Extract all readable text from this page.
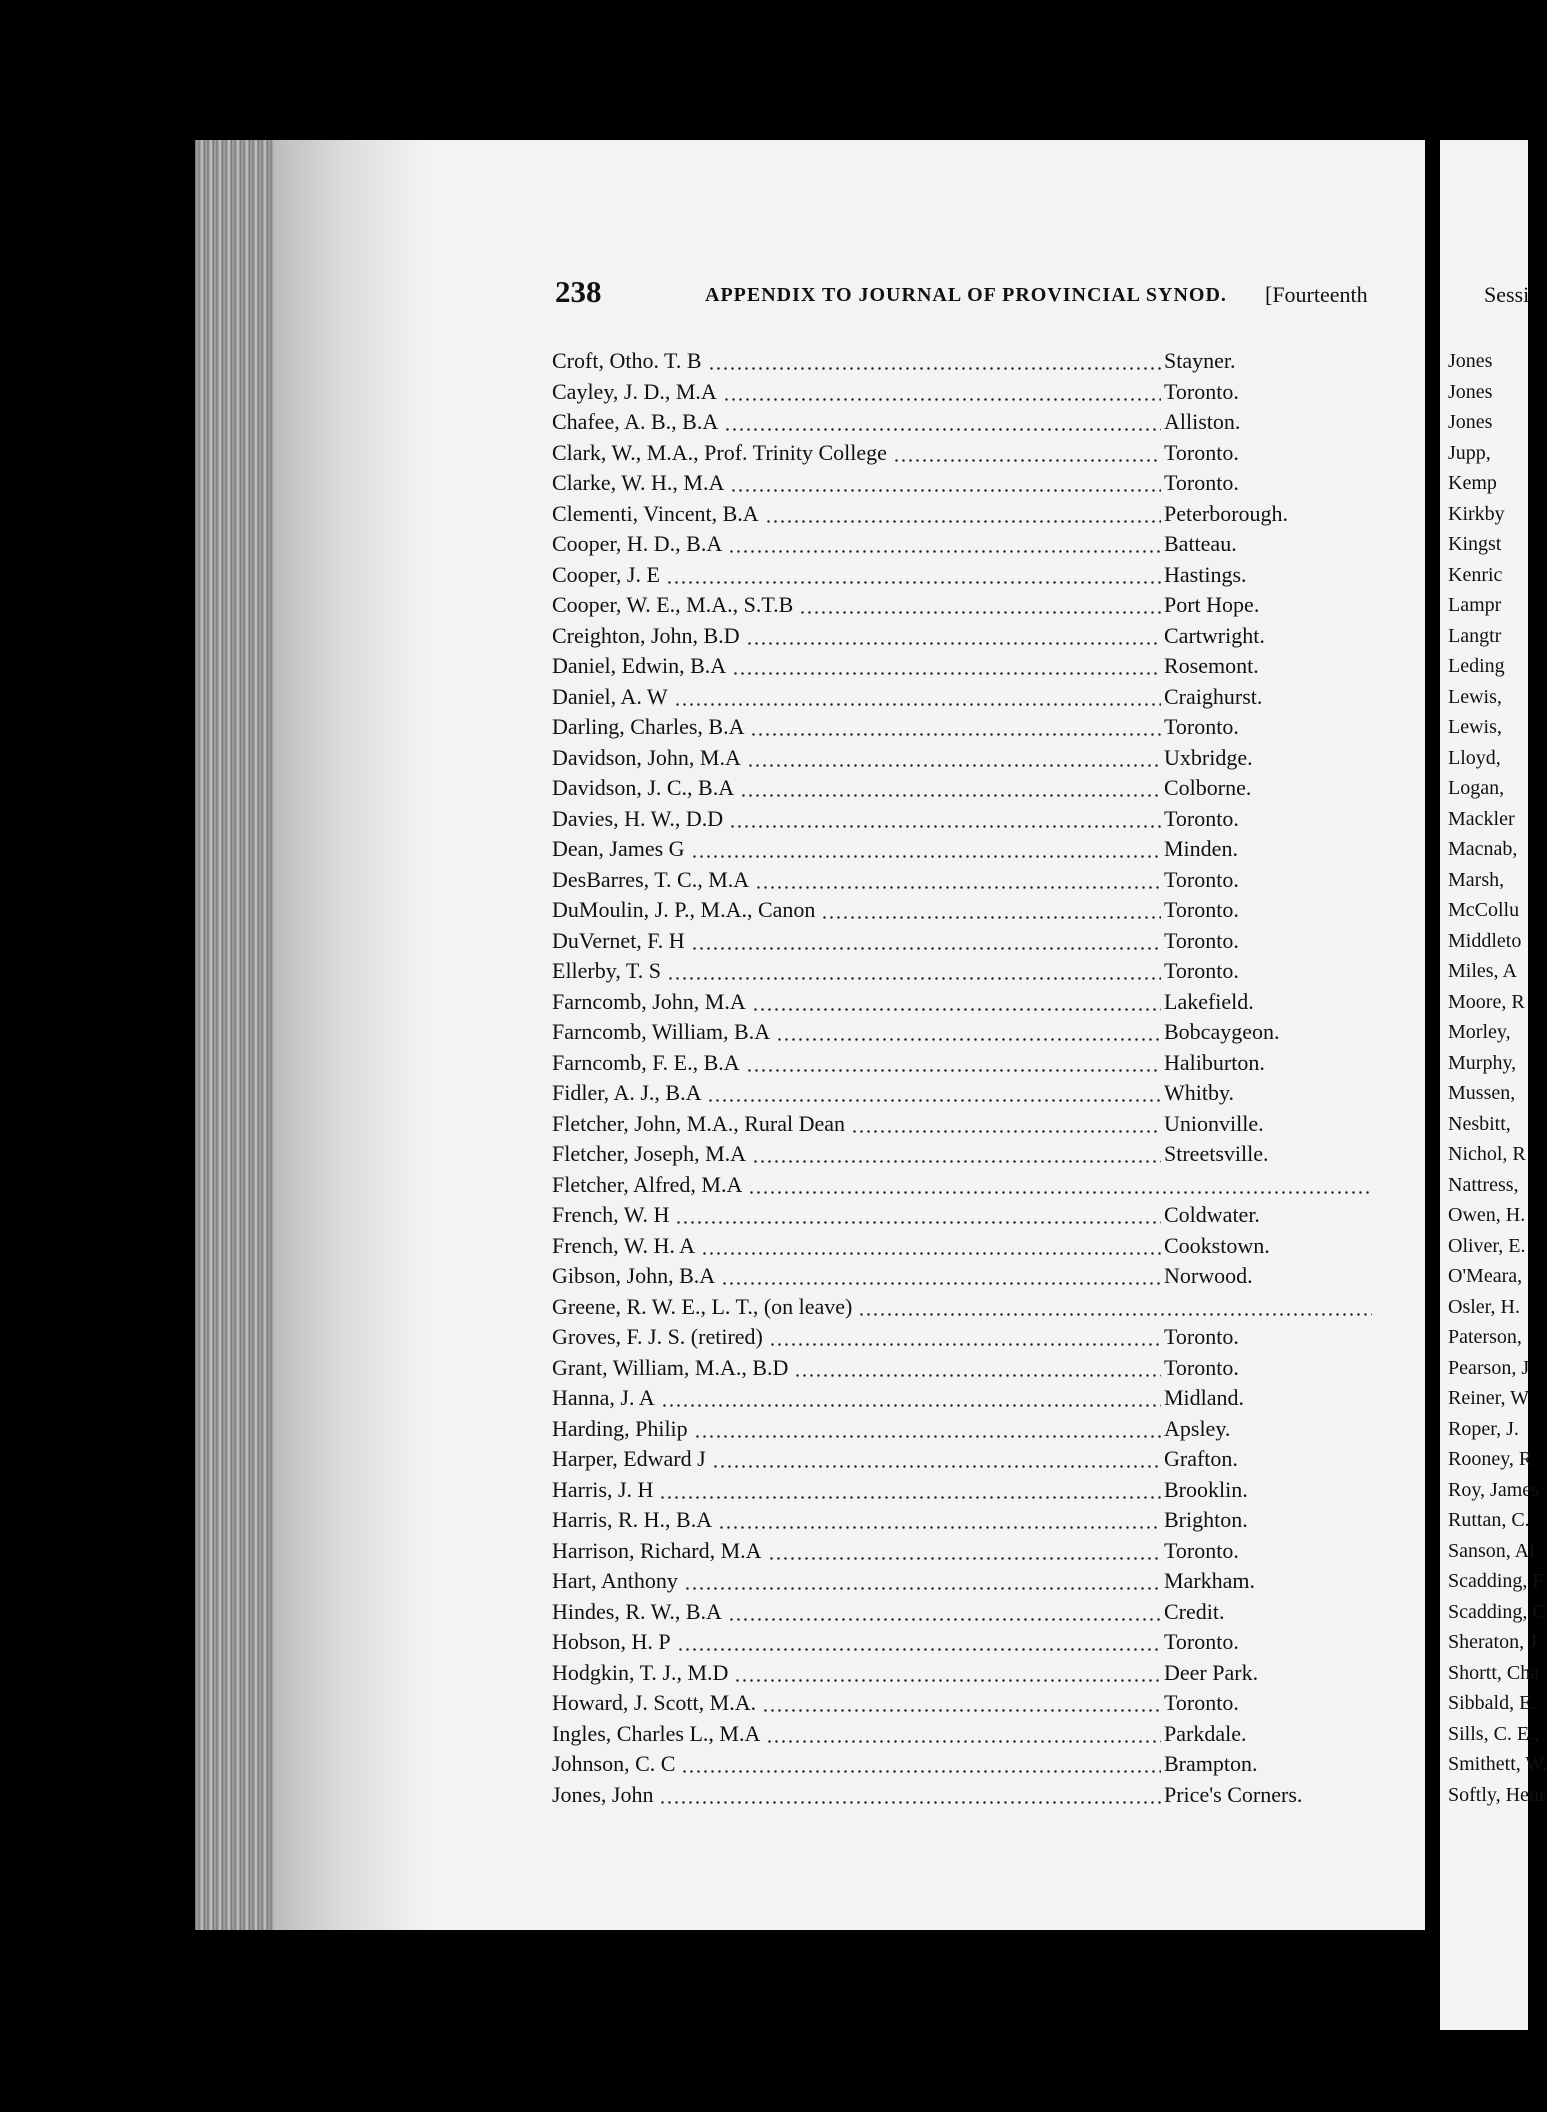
Sessi
238	APPENDIX TO JOURNAL OF PROVINCIAL SYNOD. [Fourteenth
Croft, Otho. T. B	Stayner.
Cayley, J. D., M.A	Toronto.
Chafee, A. B., B.A	Alliston.
Clark, W., M.A., Prof. Trinity College	Toronto.
Clarke, W. H., M.A	Toronto.
Clementi, Vincent, B.A	Peterborough.
Cooper, H. D., B.A	Batteau.
Cooper, J. E	Hastings.
Cooper, W. E., M.A., S.T.B	Port Hope.
Creighton, John, B.D	Cartwright.
Daniel, Edwin, B.A	Rosemont.
Daniel, A. W	Craighurst.
Darling, Charles, B.A	Toronto.
Davidson, John, M.A	Uxbridge.
Davidson, J. C., B.A	Colborne.
Davies, H. W., D.D	Toronto.
Dean, James G	Minden.
DesBarres, T. C., M.A	Toronto.
DuMoulin, J. P., M.A., Canon	Toronto.
DuVernet, F. H	Toronto.
Ellerby, T. S	Toronto.
Farncomb, John, M.A	Lakefield.
Farncomb, William, B.A	Bobcaygeon.
Farncomb, F. E., B.A	Haliburton.
Fidler, A. J., B.A	Whitby.
Fletcher, John, M.A., Rural Dean	Unionville.
Fletcher, Joseph, M.A	Streetsville.
Fletcher, Alfred, M.A
French, W. H	Coldwater.
French, W. H. A	Cookstown.
Gibson, John, B.A	Norwood.
Greene, R. W. E., L. T., (on leave)
Groves, F. J. S. (retired)	Toronto.
Grant, William, M.A., B.D	Toronto.
Hanna, J. A	Midland.
Harding, Philip	Apsley.
Harper, Edward J	Grafton.
Harris, J. H	Brooklin.
Harris, R. H., B.A	Brighton.
Harrison, Richard, M.A	Toronto.
Hart, Anthony	Markham.
Hindes, R. W., B.A	Credit.
Hobson, H. P	Toronto.
Hodgkin, T. J., M.D	Deer Park.
Howard, J. Scott, M.A.	Toronto.
Ingles, Charles L., M.A	Parkdale.
Johnson, C. C	Brampton.
Jones, John	Price's Corners.
Jones
Jones
Jones
Jupp,
Kemp
Kirkby
Kingst
Kenric
Lampr
Langtr
Leding
Lewis,
Lewis,
Lloyd,
Logan,
Mackler
Macnab,
Marsh,
McCollu
Middleto
Miles, A
Moore, R
Morley,
Murphy,
Mussen,
Nesbitt,
Nichol, R
Nattress,
Owen, H.
Oliver, E.
O'Meara,
Osler, H.
Paterson,
Pearson, J
Reiner, W
Roper, J.
Rooney, R
Roy, James
Ruttan, C.
Sanson, Al
Scadding, F
Scadding, C
Sheraton, J
Shortt, Cha
Sibbald, E.
Sills, C. E.,
Smithett, W.
Softly, Henr
